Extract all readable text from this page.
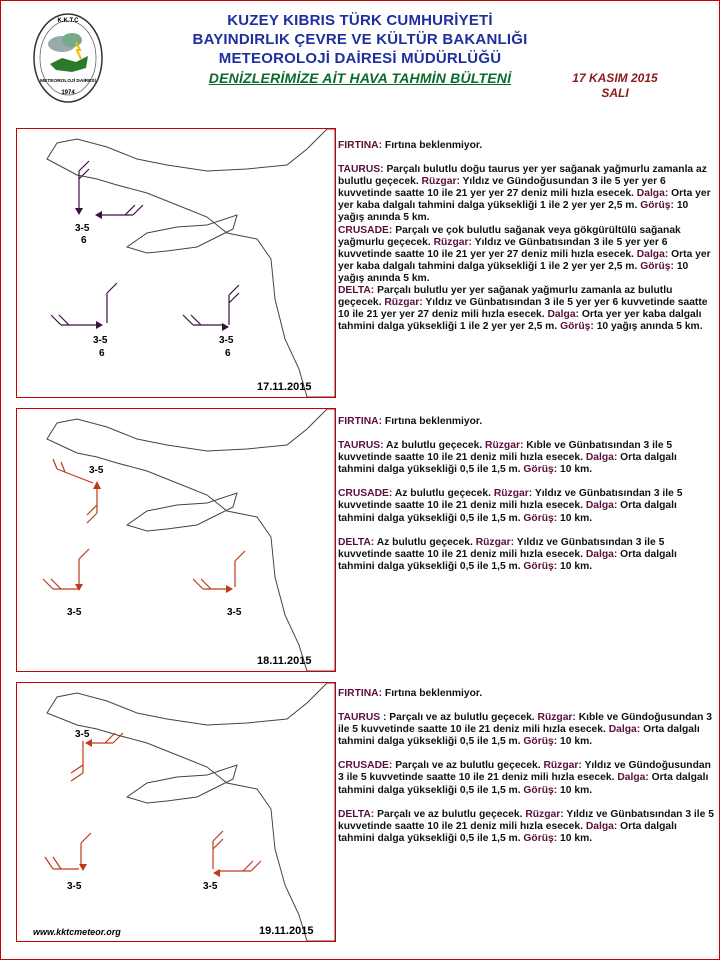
K.K.T.C
METEOROLOJİ DAİRESİ
1974
KUZEY KIBRIS TÜRK CUMHURİYETİ
BAYINDIRLIK ÇEVRE VE KÜLTÜR BAKANLIĞI
METEOROLOJİ DAİRESİ MÜDÜRLÜĞÜ
DENİZLERİMİZE AİT HAVA TAHMİN BÜLTENİ	17 KASIM 2015
SALI
3-5
6
3-5
6
3-5
6
17.11.2015

FIRTINA: Fırtına beklenmiyor.

TAURUS: Parçalı bulutlu doğu taurus yer yer sağanak yağmurlu zamanla az bulutlu geçecek. Rüzgar: Yıldız ve Gündoğusundan 3 ile 5 yer yer 6 kuvvetinde saatte 10 ile 21 yer yer 27 deniz mili hızla esecek. Dalga: Orta yer yer kaba dalgalı tahmini dalga yüksekliği 1 ile 2 yer yer 2,5 m. Görüş: 10 yağış anında 5 km.

CRUSADE: Parçalı ve çok bulutlu sağanak veya gökgürültülü sağanak yağmurlu geçecek. Rüzgar: Yıldız ve Günbatısından 3 ile 5 yer yer 6 kuvvetinde saatte 10 ile 21 yer yer 27 deniz mili hızla esecek. Dalga: Orta yer yer kaba dalgalı tahmini dalga yüksekliği 1 ile 2 yer yer 2,5 m. Görüş: 10 yağış anında 5 km.

DELTA: Parçalı bulutlu yer yer sağanak yağmurlu zamanla az bulutlu geçecek. Rüzgar: Yıldız ve Günbatısından 3 ile 5 yer yer 6 kuvvetinde saatte 10 ile 21 yer yer 27 deniz mili hızla esecek. Dalga: Orta yer yer kaba dalgalı tahmini dalga yüksekliği 1 ile 2 yer yer 2,5 m. Görüş: 10 yağış anında 5 km.

3-5
3-5	3-5
18.11.2015

FIRTINA: Fırtına beklenmiyor.

TAURUS: Az bulutlu geçecek. Rüzgar: Kıble ve Günbatısından 3 ile 5 kuvvetinde saatte 10 ile 21 deniz mili hızla esecek. Dalga: Orta dalgalı tahmini dalga yüksekliği 0,5 ile 1,5 m. Görüş: 10 km.

CRUSADE: Az bulutlu geçecek. Rüzgar: Yıldız ve Günbatısından 3 ile 5 kuvvetinde saatte 10 ile 21 deniz mili hızla esecek. Dalga: Orta dalgalı tahmini dalga yüksekliği 0,5 ile 1,5 m. Görüş: 10 km.

DELTA: Az bulutlu geçecek. Rüzgar: Yıldız ve Günbatısından 3 ile 5 kuvvetinde saatte 10 ile 21 deniz mili hızla esecek. Dalga: Orta dalgalı tahmini dalga yüksekliği 0,5 ile 1,5 m. Görüş: 10 km.

3-5
3-5	3-5
www.kktcmeteor.org	19.11.2015

FIRTINA: Fırtına beklenmiyor.

TAURUS : Parçalı ve az bulutlu geçecek. Rüzgar: Kıble ve Gündoğusundan 3 ile 5 kuvvetinde saatte 10 ile 21 deniz mili hızla esecek. Dalga: Orta dalgalı tahmini dalga yüksekliği 0,5 ile 1,5 m. Görüş: 10 km.

CRUSADE: Parçalı ve az bulutlu geçecek. Rüzgar: Yıldız ve Gündoğusundan 3 ile 5 kuvvetinde saatte 10 ile 21 deniz mili hızla esecek. Dalga: Orta dalgalı tahmini dalga yüksekliği 0,5 ile 1,5 m. Görüş: 10 km.

DELTA: Parçalı ve az bulutlu geçecek. Rüzgar: Yıldız ve Günbatısından 3 ile 5 kuvvetinde saatte 10 ile 21 deniz mili hızla esecek. Dalga: Orta dalgalı tahmini dalga yüksekliği 0,5 ile 1,5 m. Görüş: 10 km.
